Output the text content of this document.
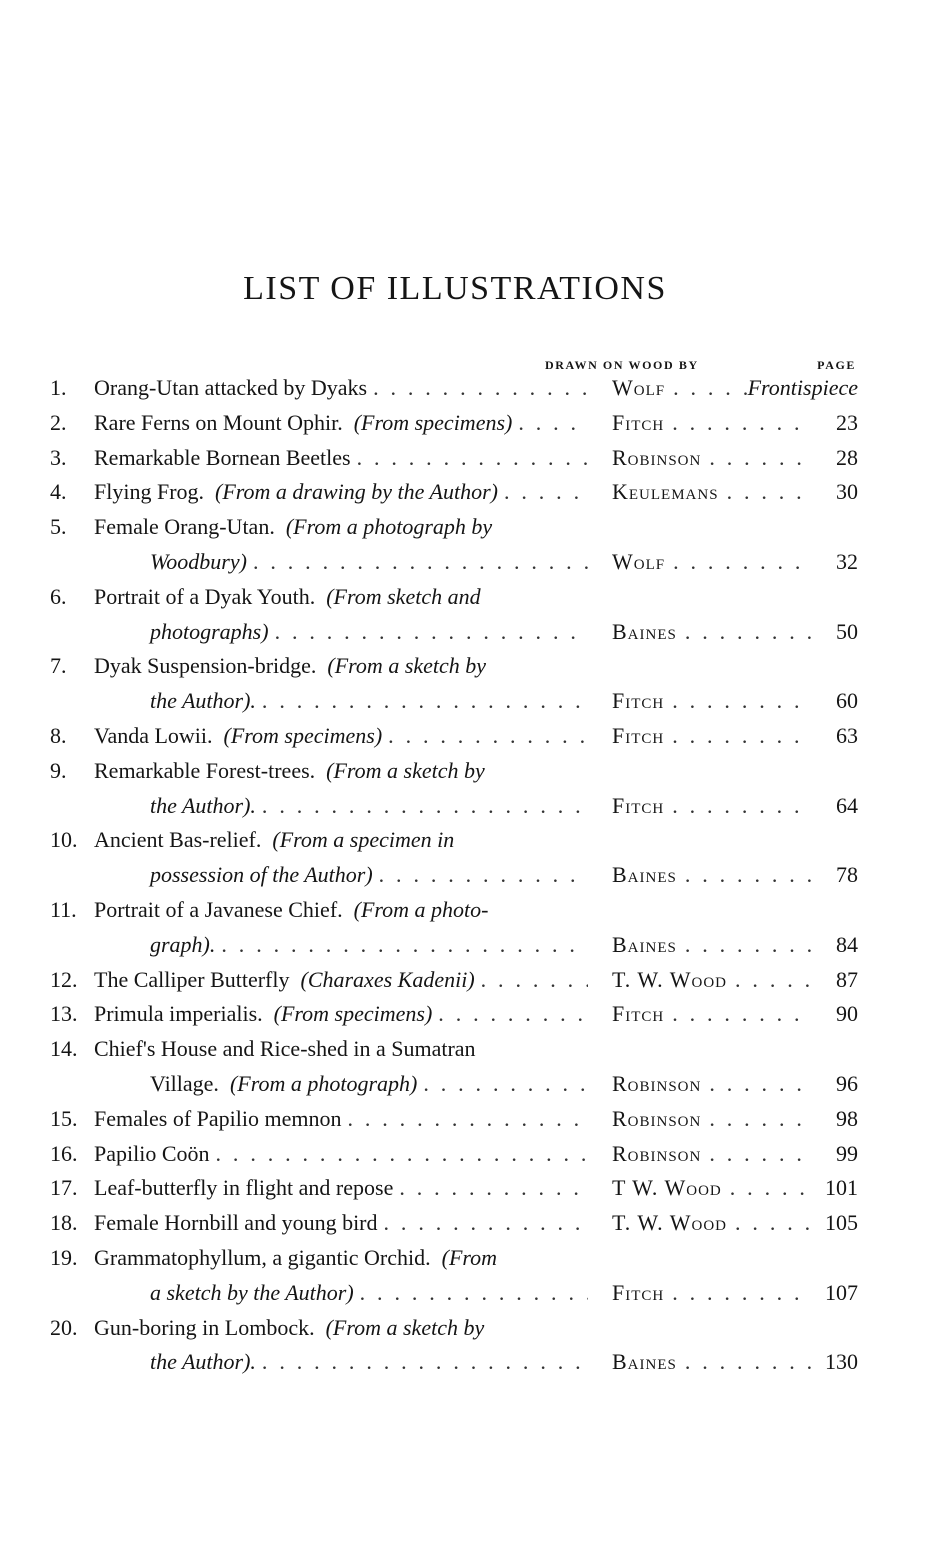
LIST OF ILLUSTRATIONS
DRAWN ON WOOD BY	PAGE
1.	Orang-Utan attacked by Dyaks . . .	Wolf . . .	Frontispiece
2.	Rare Ferns on Mount Ophir. (From specimens) . . .	Fitch . . .	23
3.	Remarkable Bornean Beetles . . .	Robinson . . .	28
4.	Flying Frog. (From a drawing by the Author) . . .	Keulemans . . .	30
5.	Female Orang-Utan. (From a photograph by
Woodbury) . . .	Wolf . . .	32
6.	Portrait of a Dyak Youth. (From sketch and
photographs) . . .	Baines . . .	50
7.	Dyak Suspension-bridge. (From a sketch by
the Author). . . .	Fitch . . .	60
8.	Vanda Lowii. (From specimens) . . .	Fitch . . .	63
9.	Remarkable Forest-trees. (From a sketch by
the Author). . . .	Fitch . . .	64
10. Ancient Bas-relief. (From a specimen in
possession of the Author) . . .	Baines . . .	78
11. Portrait of a Javanese Chief. (From a photo-
graph). . . .	Baines . . .	84
12. The Calliper Butterfly (Charaxes Kadenii) . . .	T. W. Wood . . .	87
13. Primula imperialis. (From specimens) . . .	Fitch . . .	90
14. Chief's House and Rice-shed in a Sumatran
Village. (From a photograph) . . .	Robinson . . .	96
15. Females of Papilio memnon . . .	Robinson . . .	98
16. Papilio Coön . . .	Robinson . . .	99
17. Leaf-butterfly in flight and repose . . .	T W. Wood . . .	101
18. Female Hornbill and young bird . . .	T. W. Wood . . .	105
19. Grammatophyllum, a gigantic Orchid. (From
a sketch by the Author) . . .	Fitch . . .	107
20. Gun-boring in Lombock. (From a sketch by
the Author). . . .	Baines . . .	130
